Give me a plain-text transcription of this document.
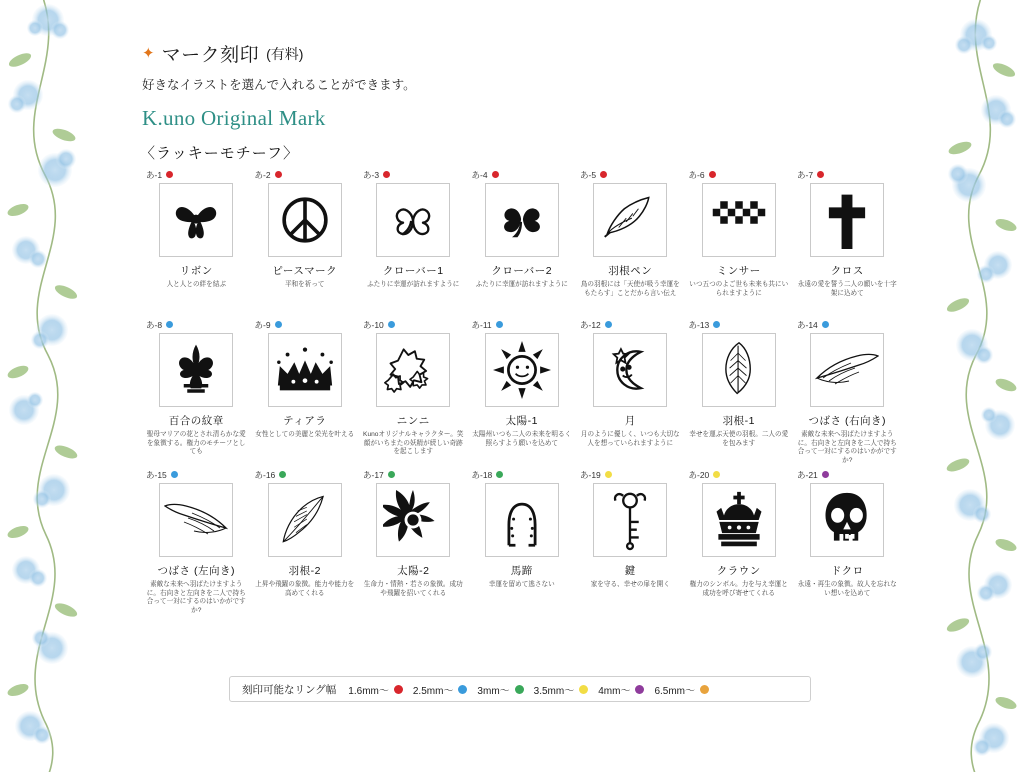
✦ マーク刻印 (有料)
好きなイラストを選んで入れることができます。
K.uno Original Mark
〈ラッキーモチーフ〉
あ-1
リボン
人と人との絆を結ぶ
あ-2
ピースマーク
平和を祈って
あ-3
クローバー1
ふたりに幸運が訪れますように
あ-4
クローバー2
ふたりに幸運が訪れますように
あ-5
羽根ペン
鳥の羽根には「天使が吸う幸運をもたらす」ことだから言い伝え
あ-6
ミンサー
いつ五つのよご世も未来も共にいられますように
あ-7
クロス
永遠の愛を誓う二人の願いを十字架に込めて
あ-8
百合の紋章
聖母マリアの花とされ清らかな愛を象徴する。権力のモチーフとしても
あ-9
ティアラ
女性としての美麗と栄光を叶える
あ-10
ニンニ
Kunoオリジナルキャラクター。笑顔がいちまたの妖精が続しい奇跡を起こします
あ-11
太陽-1
太陽州いつも二人の未来を明るく照らすよう願いを込めて
あ-12
月
月のように優しく、いつも大切な人を想っていられますように
あ-13
羽根-1
幸せを運ぶ天使の羽根。二人の愛を包みます
あ-14
つばさ (右向き)
素敵な未来へ羽ばたけますように。右向きと左向きを二人で持ち合って一対にするのはいかがですか?
あ-15
つばさ (左向き)
素敵な未来へ羽ばたけますように。右向きと左向きを二人で持ち合って一対にするのはいかがですか?
あ-16
羽根-2
上昇や飛躍の象徴。能力や能力を高めてくれる
あ-17
太陽-2
生命力・情熱・若さの象徴。成功や飛躍を招いてくれる
あ-18
馬蹄
幸運を留めて逃さない
あ-19
鍵
家を守る、幸せの扉を開く
あ-20
クラウン
権力のシンボル。力を与え幸運と成功を呼び寄せてくれる
あ-21
ドクロ
永遠・再生の象徴。故人を忘れない想いを込めて
刻印可能なリング幅 1.6mm〜 2.5mm〜 3mm〜 3.5mm〜 4mm〜 6.5mm〜
